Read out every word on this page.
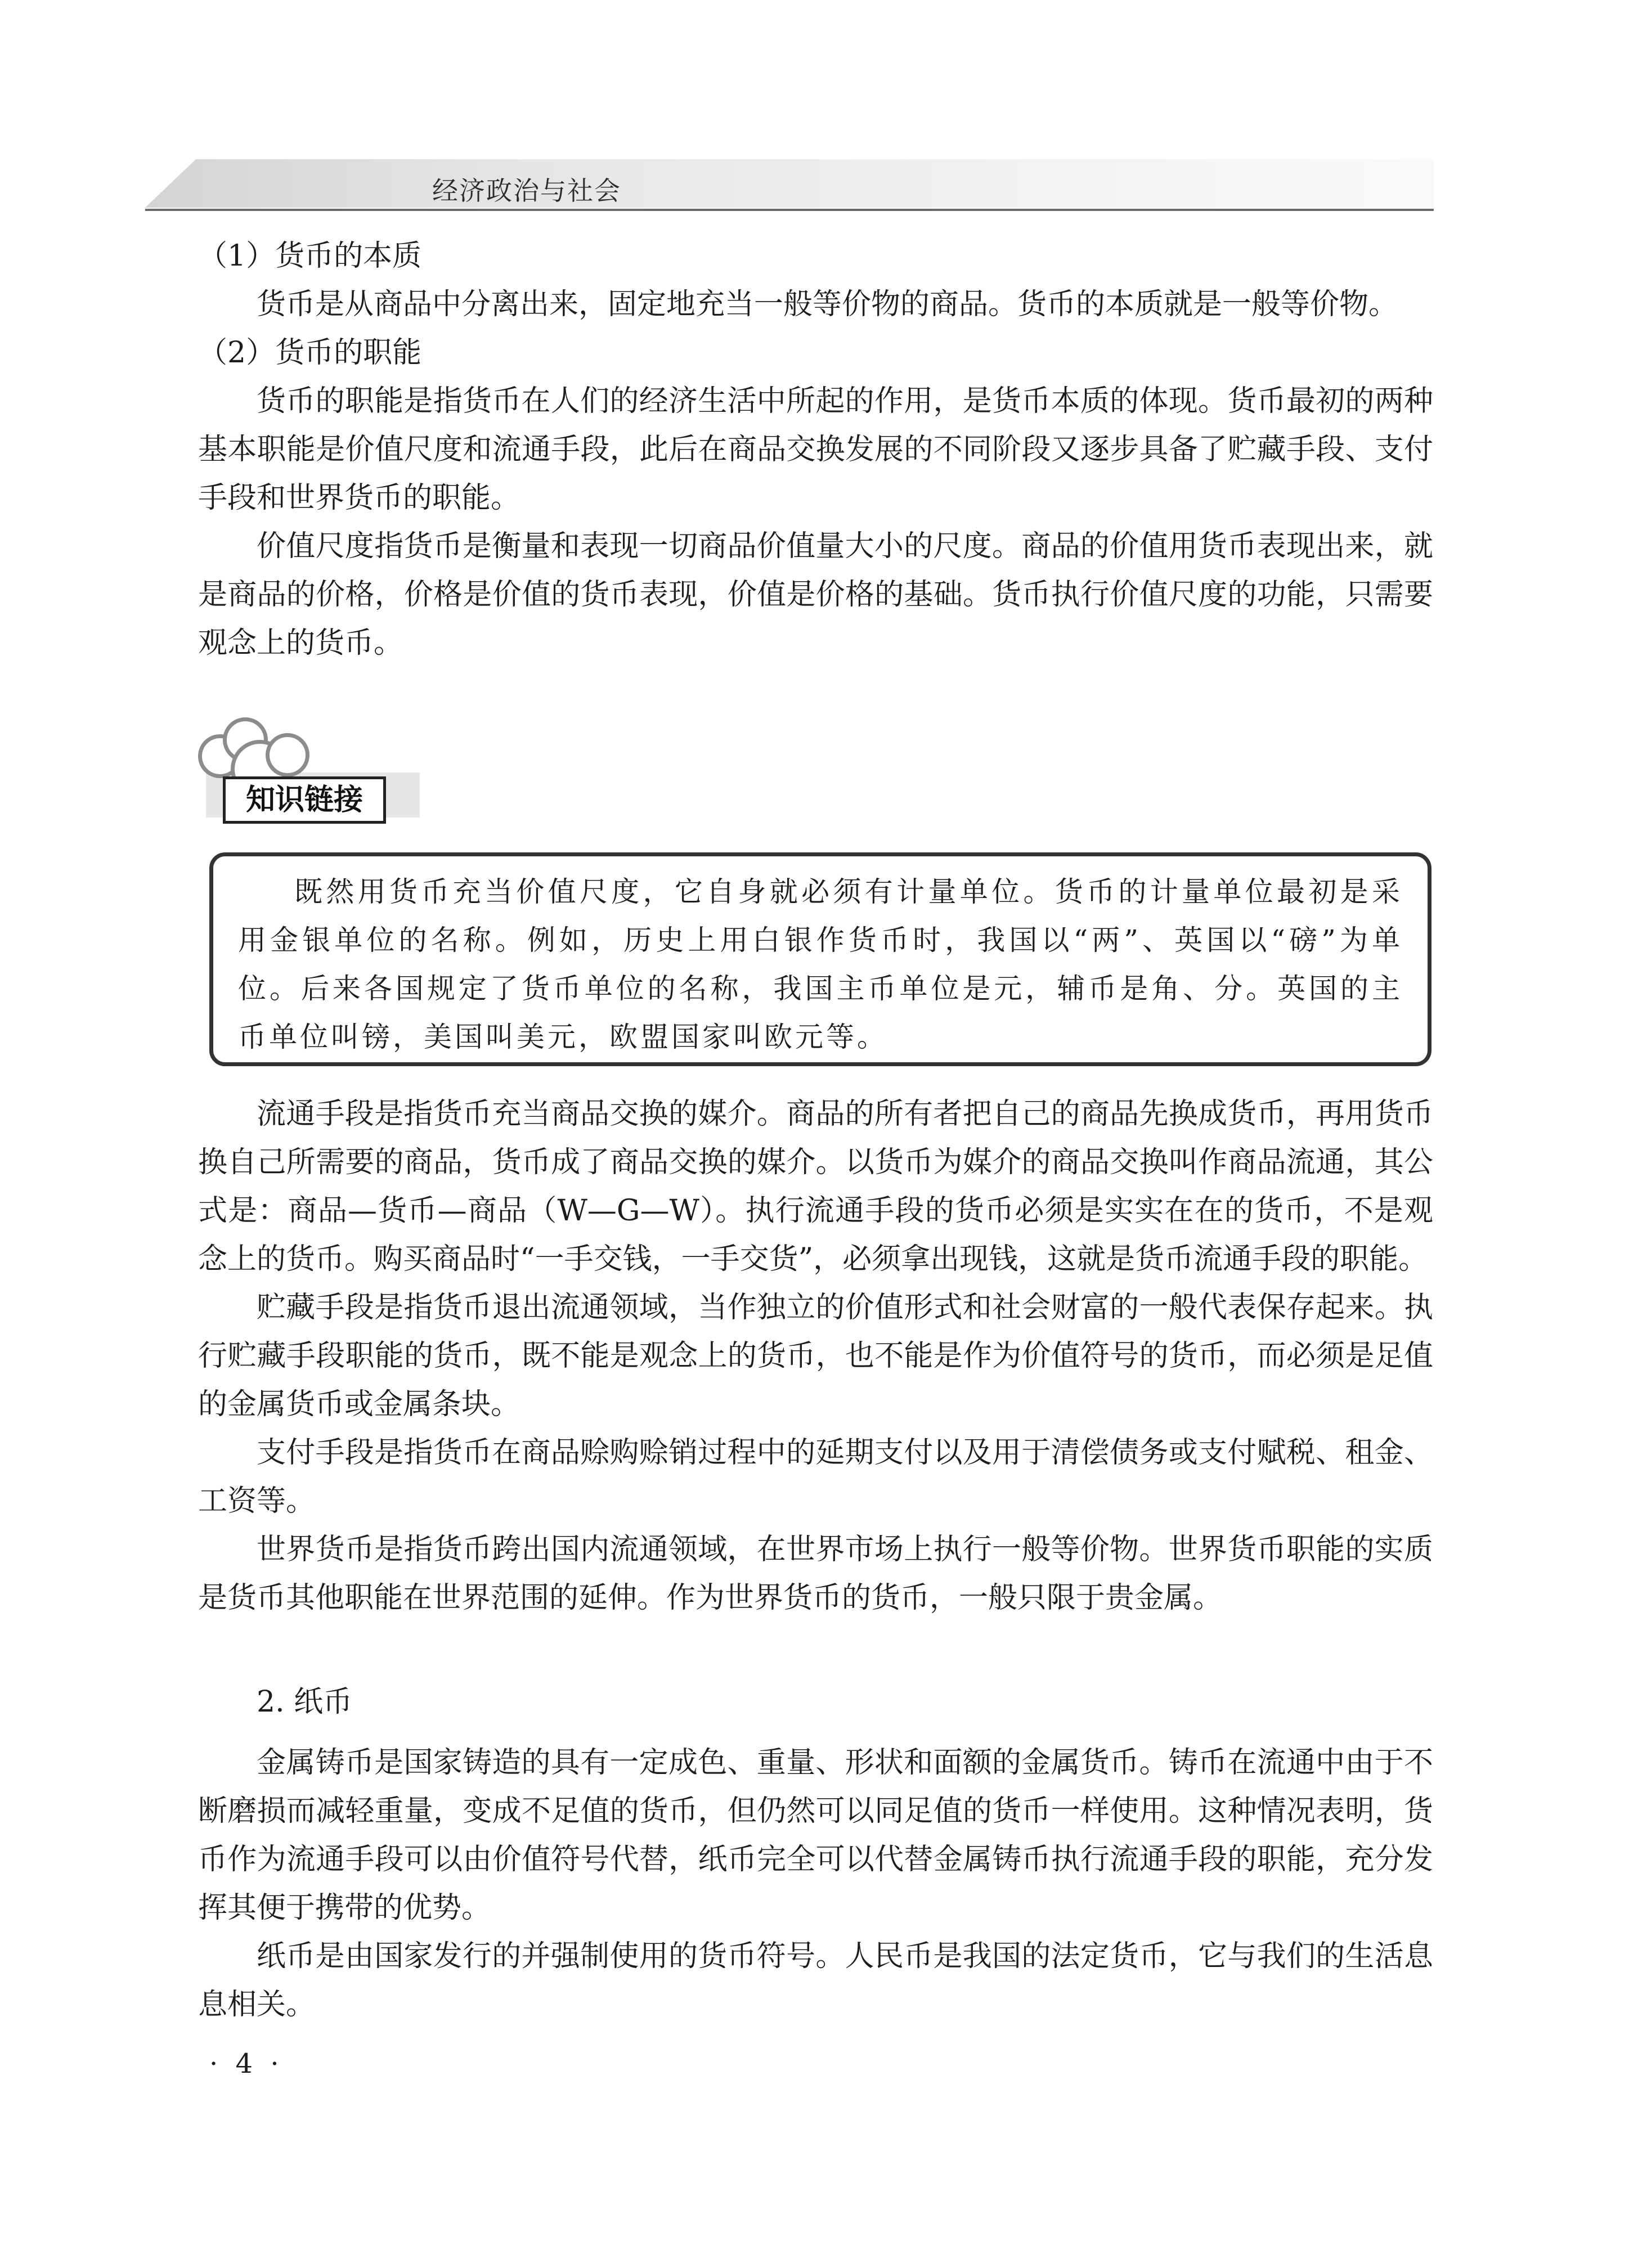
经济政治与社会

（1）货币的本质

货币是从商品中分离出来，固定地充当一般等价物的商品。货币的本质就是一般等价物。

（2）货币的职能

货币的职能是指货币在人们的经济生活中所起的作用，是货币本质的体现。货币最初的两种基本职能是价值尺度和流通手段，此后在商品交换发展的不同阶段又逐步具备了贮藏手段、支付手段和世界货币的职能。

价值尺度指货币是衡量和表现一切商品价值量大小的尺度。商品的价值用货币表现出来，就是商品的价格，价格是价值的货币表现，价值是价格的基础。货币执行价值尺度的功能，只需要观念上的货币。

知识链接

既然用货币充当价值尺度，它自身就必须有计量单位。货币的计量单位最初是采用金银单位的名称。例如，历史上用白银作货币时，我国以“两”、英国以“磅”为单位。后来各国规定了货币单位的名称，我国主币单位是元，辅币是角、分。英国的主币单位叫镑，美国叫美元，欧盟国家叫欧元等。

流通手段是指货币充当商品交换的媒介。商品的所有者把自己的商品先换成货币，再用货币换自己所需要的商品，货币成了商品交换的媒介。以货币为媒介的商品交换叫作商品流通，其公式是：商品—货币—商品（W—G—W）。执行流通手段的货币必须是实实在在的货币，不是观念上的货币。购买商品时“一手交钱，一手交货”，必须拿出现钱，这就是货币流通手段的职能。

贮藏手段是指货币退出流通领域，当作独立的价值形式和社会财富的一般代表保存起来。执行贮藏手段职能的货币，既不能是观念上的货币，也不能是作为价值符号的货币，而必须是足值的金属货币或金属条块。

支付手段是指货币在商品赊购赊销过程中的延期支付以及用于清偿债务或支付赋税、租金、工资等。

世界货币是指货币跨出国内流通领域，在世界市场上执行一般等价物。世界货币职能的实质是货币其他职能在世界范围的延伸。作为世界货币的货币，一般只限于贵金属。

2. 纸币

金属铸币是国家铸造的具有一定成色、重量、形状和面额的金属货币。铸币在流通中由于不断磨损而减轻重量，变成不足值的货币，但仍然可以同足值的货币一样使用。这种情况表明，货币作为流通手段可以由价值符号代替，纸币完全可以代替金属铸币执行流通手段的职能，充分发挥其便于携带的优势。

纸币是由国家发行的并强制使用的货币符号。人民币是我国的法定货币，它与我们的生活息息相关。

· 4 ·
